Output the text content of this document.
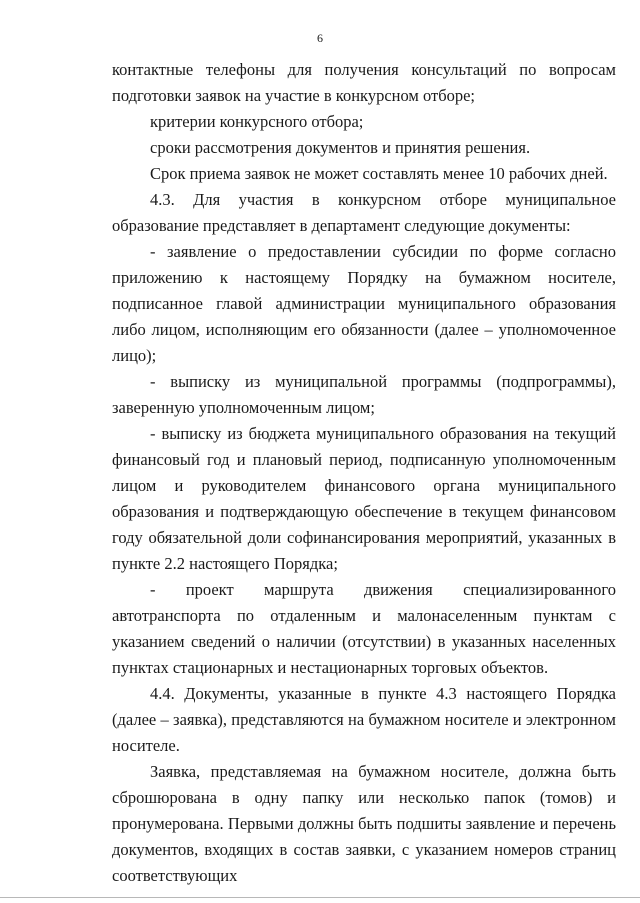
6

контактные телефоны для получения консультаций по вопросам подготовки заявок на участие в конкурсном отборе;

критерии конкурсного отбора;

сроки рассмотрения документов и принятия решения.

Срок приема заявок не может составлять менее 10 рабочих дней.

4.3. Для участия в конкурсном отборе муниципальное образование представляет в департамент следующие документы:

- заявление о предоставлении субсидии по форме согласно приложению к настоящему Порядку на бумажном носителе, подписанное главой администрации муниципального образования либо лицом, исполняющим его обязанности (далее – уполномоченное лицо);

- выписку из муниципальной программы (подпрограммы), заверенную уполномоченным лицом;

- выписку из бюджета муниципального образования на текущий финансовый год и плановый период, подписанную уполномоченным лицом и руководителем финансового органа муниципального образования и подтверждающую обеспечение в текущем финансовом году обязательной доли софинансирования мероприятий, указанных в пункте 2.2 настоящего Порядка;

- проект маршрута движения специализированного автотранспорта по отдаленным и малонаселенным пунктам с указанием сведений о наличии (отсутствии) в указанных населенных пунктах стационарных и нестационарных торговых объектов.

4.4. Документы, указанные в пункте 4.3 настоящего Порядка (далее – заявка), представляются на бумажном носителе и электронном носителе.

Заявка, представляемая на бумажном носителе, должна быть сброшюрована в одну папку или несколько папок (томов) и пронумерована. Первыми должны быть подшиты заявление и перечень документов, входящих в состав заявки, с указанием номеров страниц соответствующих
